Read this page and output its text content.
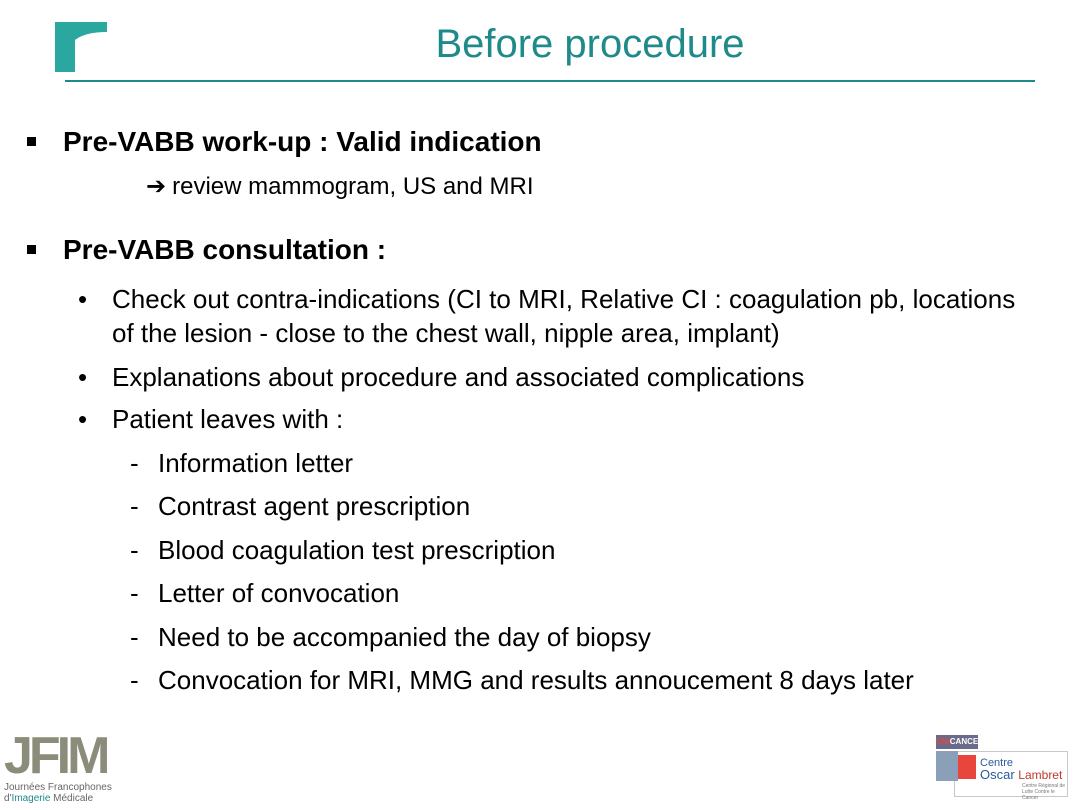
Before procedure
Pre-VABB work-up : Valid indication
➔ review mammogram, US and MRI
Pre-VABB consultation :
• Check out contra-indications (CI to MRI, Relative CI : coagulation pb, locations of the lesion - close to the chest wall, nipple area, implant)
• Explanations about procedure and associated complications
• Patient leaves with :
- Information letter
- Contrast agent prescription
- Blood coagulation test prescription
- Letter of convocation
- Need to be accompanied the day of biopsy
- Convocation for MRI, MMG and results annoucement 8 days later
JFIM
Journées Francophones
d'Imagerie Médicale
UNICANCER
Centre
Oscar Lambret
Centre Régional de Lutte Contre le Cancer
